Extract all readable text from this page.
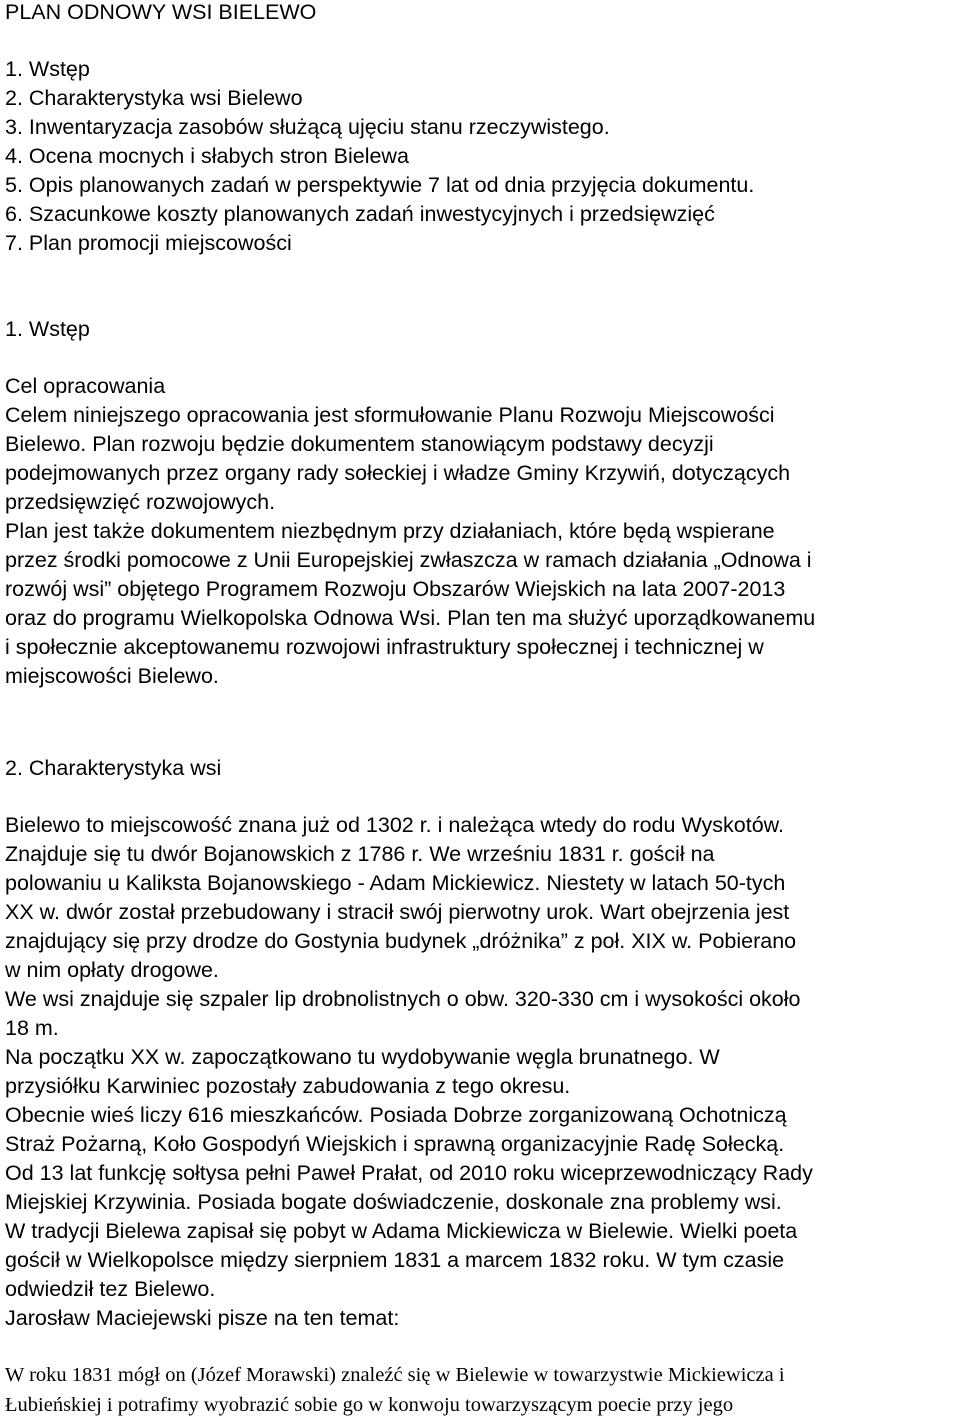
PLAN ODNOWY WSI BIELEWO
1. Wstęp
2. Charakterystyka wsi Bielewo
3. Inwentaryzacja zasobów służącą ujęciu stanu rzeczywistego.
4. Ocena mocnych i słabych stron Bielewa
5. Opis planowanych zadań w perspektywie 7 lat od dnia przyjęcia dokumentu.
6. Szacunkowe koszty planowanych zadań inwestycyjnych i przedsięwzięć
7. Plan promocji miejscowości
1. Wstęp
Cel opracowania
Celem niniejszego opracowania jest sformułowanie Planu Rozwoju Miejscowości
Bielewo. Plan rozwoju będzie dokumentem stanowiącym podstawy decyzji
podejmowanych przez organy rady sołeckiej i władze Gminy Krzywiń, dotyczących
przedsięwzięć rozwojowych.
Plan jest także dokumentem niezbędnym przy działaniach, które będą wspierane
przez środki pomocowe z Unii Europejskiej zwłaszcza w ramach działania „Odnowa i
rozwój wsi” objętego Programem Rozwoju Obszarów Wiejskich na lata 2007-2013
oraz do programu Wielkopolska Odnowa Wsi. Plan ten ma służyć uporządkowanemu
i społecznie akceptowanemu rozwojowi infrastruktury społecznej i technicznej w
miejscowości Bielewo.
2. Charakterystyka wsi
Bielewo to miejscowość znana już od 1302 r. i należąca wtedy do rodu Wyskotów.
Znajduje się tu dwór Bojanowskich z 1786 r. We wrześniu 1831 r. gościł na
polowaniu u Kaliksta Bojanowskiego - Adam Mickiewicz. Niestety w latach 50-tych
XX w. dwór został przebudowany i stracił swój pierwotny urok. Wart obejrzenia jest
znajdujący się przy drodze do Gostynia budynek „dróżnika” z poł. XIX w. Pobierano
w nim opłaty drogowe.
We wsi znajduje się szpaler lip drobnolistnych o obw. 320-330 cm i wysokości około
18 m.
Na początku XX w. zapoczątkowano tu wydobywanie węgla brunatnego. W
przysiółku Karwiniec pozostały zabudowania z tego okresu.
Obecnie wieś liczy 616 mieszkańców. Posiada Dobrze zorganizowaną Ochotniczą
Straż Pożarną, Koło Gospodyń Wiejskich i sprawną organizacyjnie Radę Sołecką.
Od 13 lat funkcję sołtysa pełni Paweł Prałat, od 2010 roku wiceprzewodniczący Rady
Miejskiej Krzywinia. Posiada bogate doświadczenie, doskonale zna problemy wsi.
W tradycji Bielewa zapisał się pobyt w Adama Mickiewicza w Bielewie. Wielki poeta
gościł w Wielkopolsce między sierpniem 1831 a marcem 1832 roku. W tym czasie
odwiedził tez Bielewo.
Jarosław Maciejewski pisze na ten temat:
W roku 1831 mógł on (Józef Morawski) znaleźć się w Bielewie w towarzystwie Mickiewicza i
Łubieńskiej i potrafimy wyobrazić sobie go w konwoju towarzyszącym poecie przy jego
